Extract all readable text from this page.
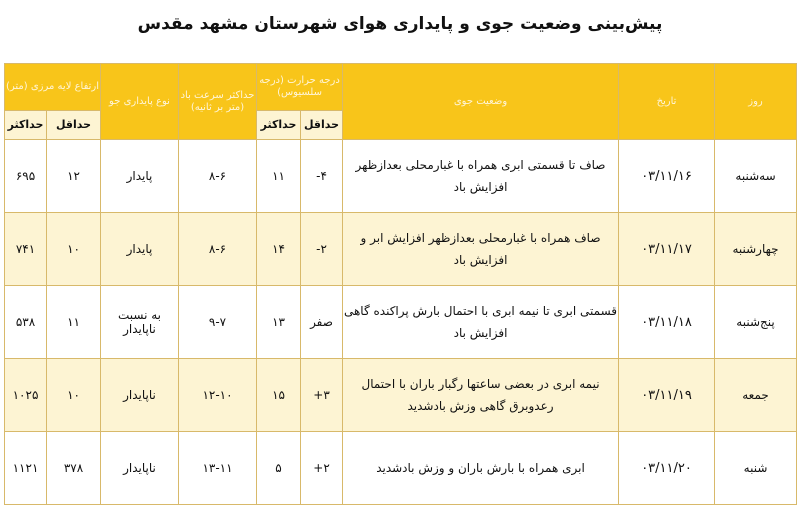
پیش‌بینی وضعیت جوی و پایداری هوای شهرستان مشهد مقدس
روز	تاریخ	وضعیت جوی	درجه حرارت (درجه سلسیوس)		حداکثر سرعت باد (متر بر ثانیه)	نوع پایداری جو	ارتفاع لایه مرزی (متر)	
			حداقل	حداکثر			حداقل	حداکثر
سه‌شنبه	۰۳/۱۱/۱۶	صاف تا قسمتی ابری همراه با غبارمحلی بعدازظهر افزایش باد	۴-	۱۱	۸-۶	پایدار	۱۲	۶۹۵
چهارشنبه	۰۳/۱۱/۱۷	صاف همراه با غبارمحلی بعدازظهر افزایش ابر و افزایش باد	۲-	۱۴	۸-۶	پایدار	۱۰	۷۴۱
پنج‌شنبه	۰۳/۱۱/۱۸	قسمتی ابری تا نیمه ابری با احتمال بارش پراکنده گاهی افزایش باد	صفر	۱۳	۹-۷	به نسبت ناپایدار	۱۱	۵۳۸
جمعه	۰۳/۱۱/۱۹	نیمه ابری در بعضی ساعتها رگبار باران با احتمال رعدوبرق گاهی وزش بادشدید	۳+	۱۵	۱۲-۱۰	ناپایدار	۱۰	۱۰۲۵
شنبه	۰۳/۱۱/۲۰	ابری همراه با بارش باران و وزش بادشدید	۲+	۵	۱۳-۱۱	ناپایدار	۳۷۸	۱۱۲۱
